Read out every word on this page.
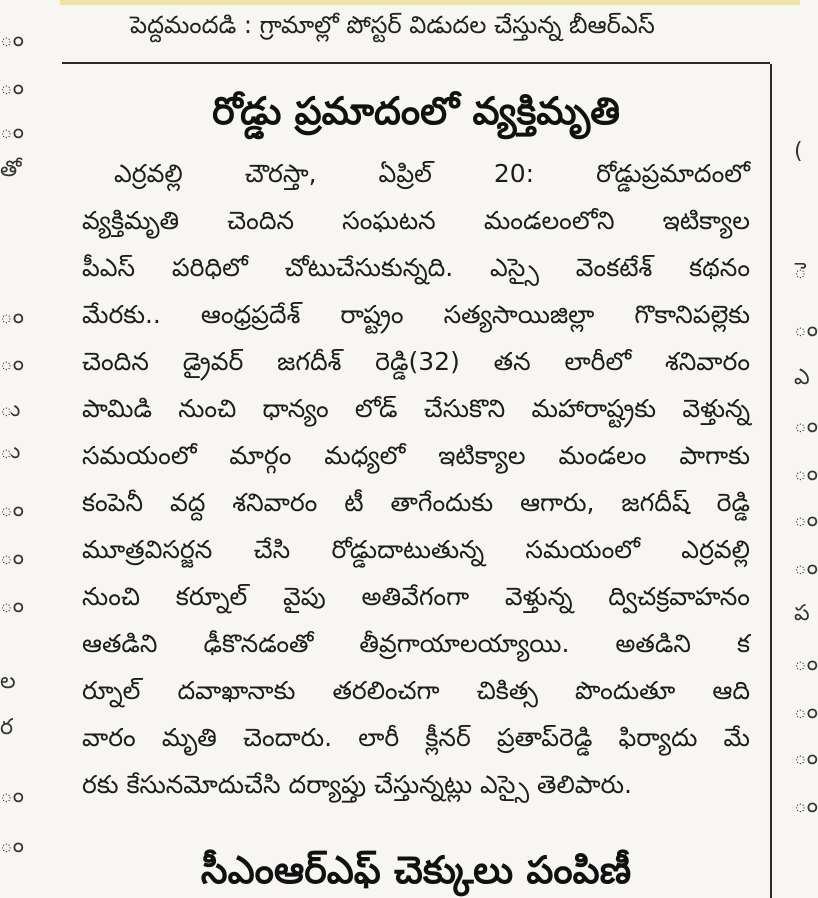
పెద్దమందడి : గ్రామాల్లో పోస్టర్ విడుదల చేస్తున్న బీఆర్ఎస్
ం
ం
ం
తో
ం
ం
ు
ు
ం
ం
ం
ల
ర
ం
ం
(
ె
ం
ఎ
ం
ం
ం
ం
ప
ం
ం
ం
ం
రోడ్డు ప్రమాదంలో వ్యక్తిమృతి
ఎర్రవల్లి చౌరస్తా, ఏప్రిల్ 20: రోడ్డుప్రమాదంలో
వ్యక్తిమృతి చెందిన సంఘటన మండలంలోని ఇటిక్యాల
పీఎస్ పరిధిలో చోటుచేసుకున్నది. ఎస్సై వెంకటేశ్ కథనం
మేరకు.. ఆంధ్రప్రదేశ్ రాష్ట్రం సత్యసాయిజిల్లా గొకానిపల్లెకు
చెందిన డ్రైవర్ జగదీశ్ రెడ్డి(32) తన లారీలో శనివారం
పామిడి నుంచి ధాన్యం లోడ్ చేసుకొని మహారాష్ట్రకు వెళ్తున్న
సమయంలో మార్గం మధ్యలో ఇటిక్యాల మండలం పాగాకు
కంపెనీ వద్ద శనివారం టీ తాగేందుకు ఆగారు, జగదీష్ రెడ్డి
మూత్రవిసర్జన చేసి రోడ్డుదాటుతున్న సమయంలో ఎర్రవల్లి
నుంచి కర్నూల్ వైపు అతివేగంగా వెళ్తున్న ద్విచక్రవాహనం
ఆతడిని ఢీకొనడంతో తీవ్రగాయాలయ్యాయి. అతడిని క
ర్నూల్ దవాఖానాకు తరలించగా చికిత్స పొందుతూ ఆది
వారం మృతి చెందారు. లారీ క్లీనర్ ప్రతాప్‌రెడ్డి ఫిర్యాదు మే
రకు కేసునమోదుచేసి దర్యాప్తు చేస్తున్నట్లు ఎస్సై తెలిపారు.
సీఎంఆర్ఎఫ్ చెక్కులు పంపిణీ
